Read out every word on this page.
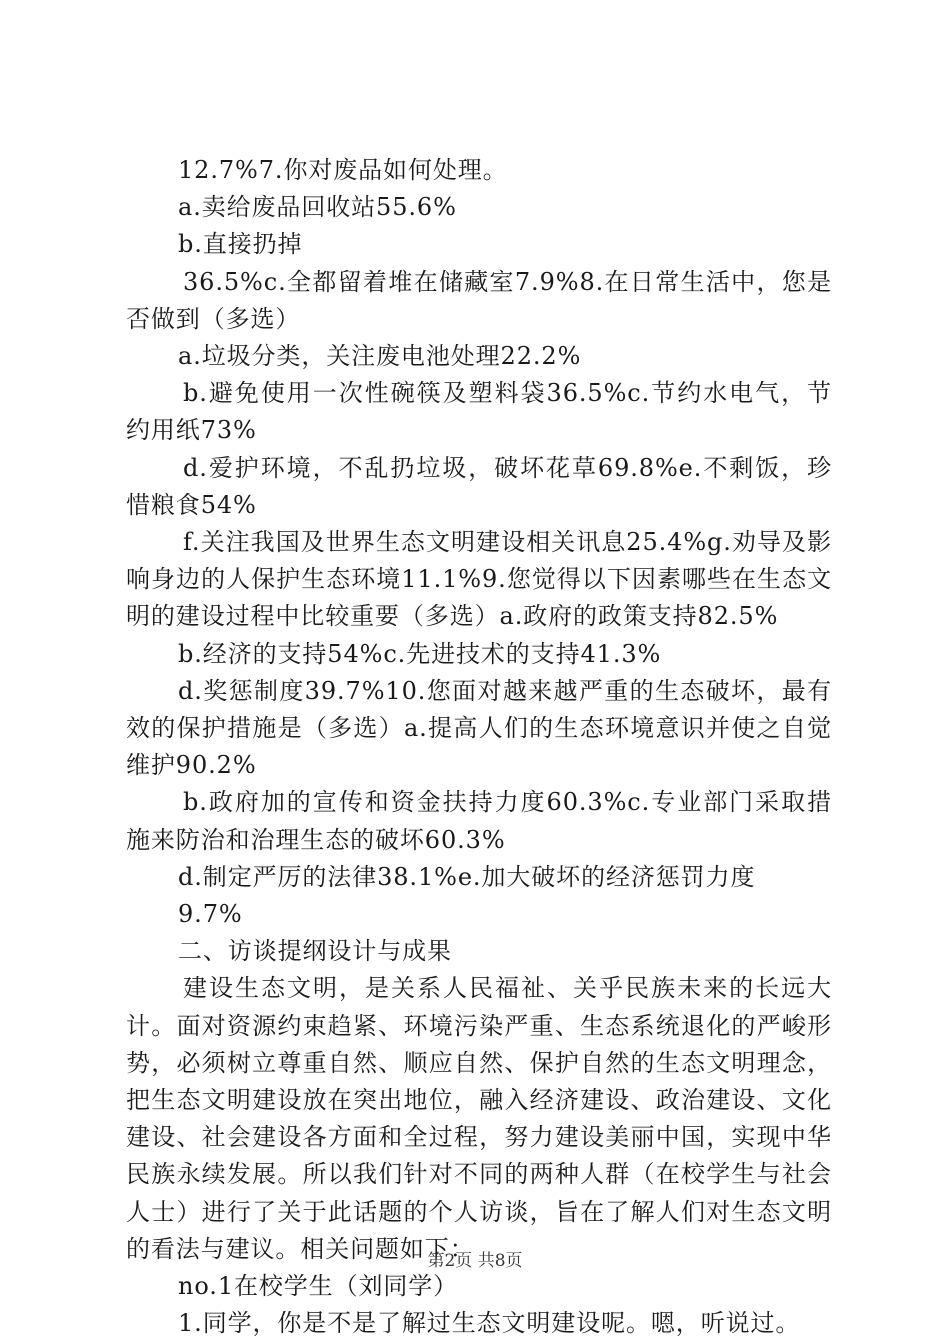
12.7%7.你对废品如何处理。

a.卖给废品回收站55.6%

b.直接扔掉

36.5%c.全都留着堆在储藏室7.9%8.在日常生活中，您是否做到（多选）

a.垃圾分类，关注废电池处理22.2%

b.避免使用一次性碗筷及塑料袋36.5%c.节约水电气，节约用纸73%

d.爱护环境，不乱扔垃圾，破坏花草69.8%e.不剩饭，珍惜粮食54%

f.关注我国及世界生态文明建设相关讯息25.4%g.劝导及影响身边的人保护生态环境11.1%9.您觉得以下因素哪些在生态文明的建设过程中比较重要（多选）a.政府的政策支持82.5%

b.经济的支持54%c.先进技术的支持41.3%

d.奖惩制度39.7%10.您面对越来越严重的生态破坏，最有效的保护措施是（多选）a.提高人们的生态环境意识并使之自觉维护90.2%

b.政府加的宣传和资金扶持力度60.3%c.专业部门采取措施来防治和治理生态的破坏60.3%

d.制定严厉的法律38.1%e.加大破坏的经济惩罚力度

9.7%

二、访谈提纲设计与成果

建设生态文明，是关系人民福祉、关乎民族未来的长远大计。面对资源约束趋紧、环境污染严重、生态系统退化的严峻形势，必须树立尊重自然、顺应自然、保护自然的生态文明理念，把生态文明建设放在突出地位，融入经济建设、政治建设、文化建设、社会建设各方面和全过程，努力建设美丽中国，实现中华民族永续发展。所以我们针对不同的两种人群（在校学生与社会人士）进行了关于此话题的个人访谈，旨在了解人们对生态文明的看法与建议。相关问题如下：

no.1在校学生（刘同学）

1.同学，你是不是了解过生态文明建设呢。嗯，听说过。

第2页 共8页
